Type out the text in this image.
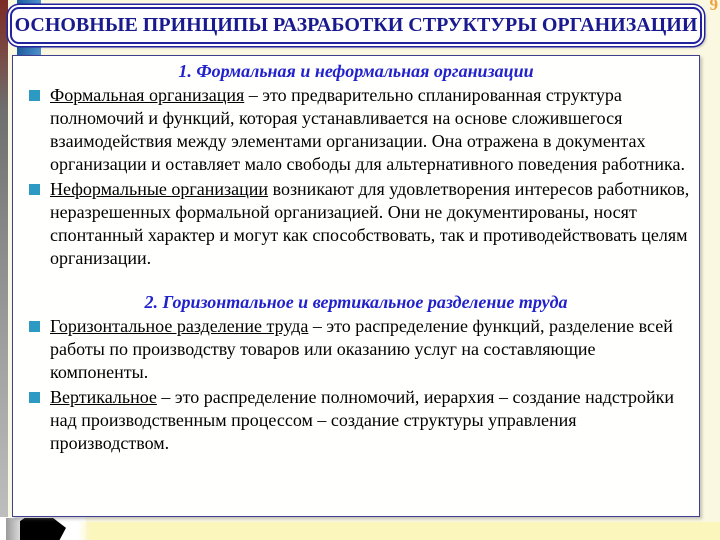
9
ОСНОВНЫЕ ПРИНЦИПЫ РАЗРАБОТКИ СТРУКТУРЫ ОРГАНИЗАЦИИ
1. Формальная и неформальная организации
Формальная организация – это предварительно спланированная структура полномочий и функций, которая устанавливается на основе сложившегося взаимодействия между элементами организации. Она отражена в документах организации и оставляет мало свободы для альтернативного поведения работника.
Неформальные организации возникают для удовлетворения интересов работников, неразрешенных формальной организацией. Они не документированы, носят спонтанный характер и могут как способствовать, так и противодействовать целям организации.
2. Горизонтальное и вертикальное разделение труда
Горизонтальное разделение труда – это распределение функций, разделение всей работы по производству товаров или оказанию услуг на составляющие компоненты.
Вертикальное – это распределение полномочий, иерархия – создание надстройки над производственным процессом – создание структуры управления производством.
